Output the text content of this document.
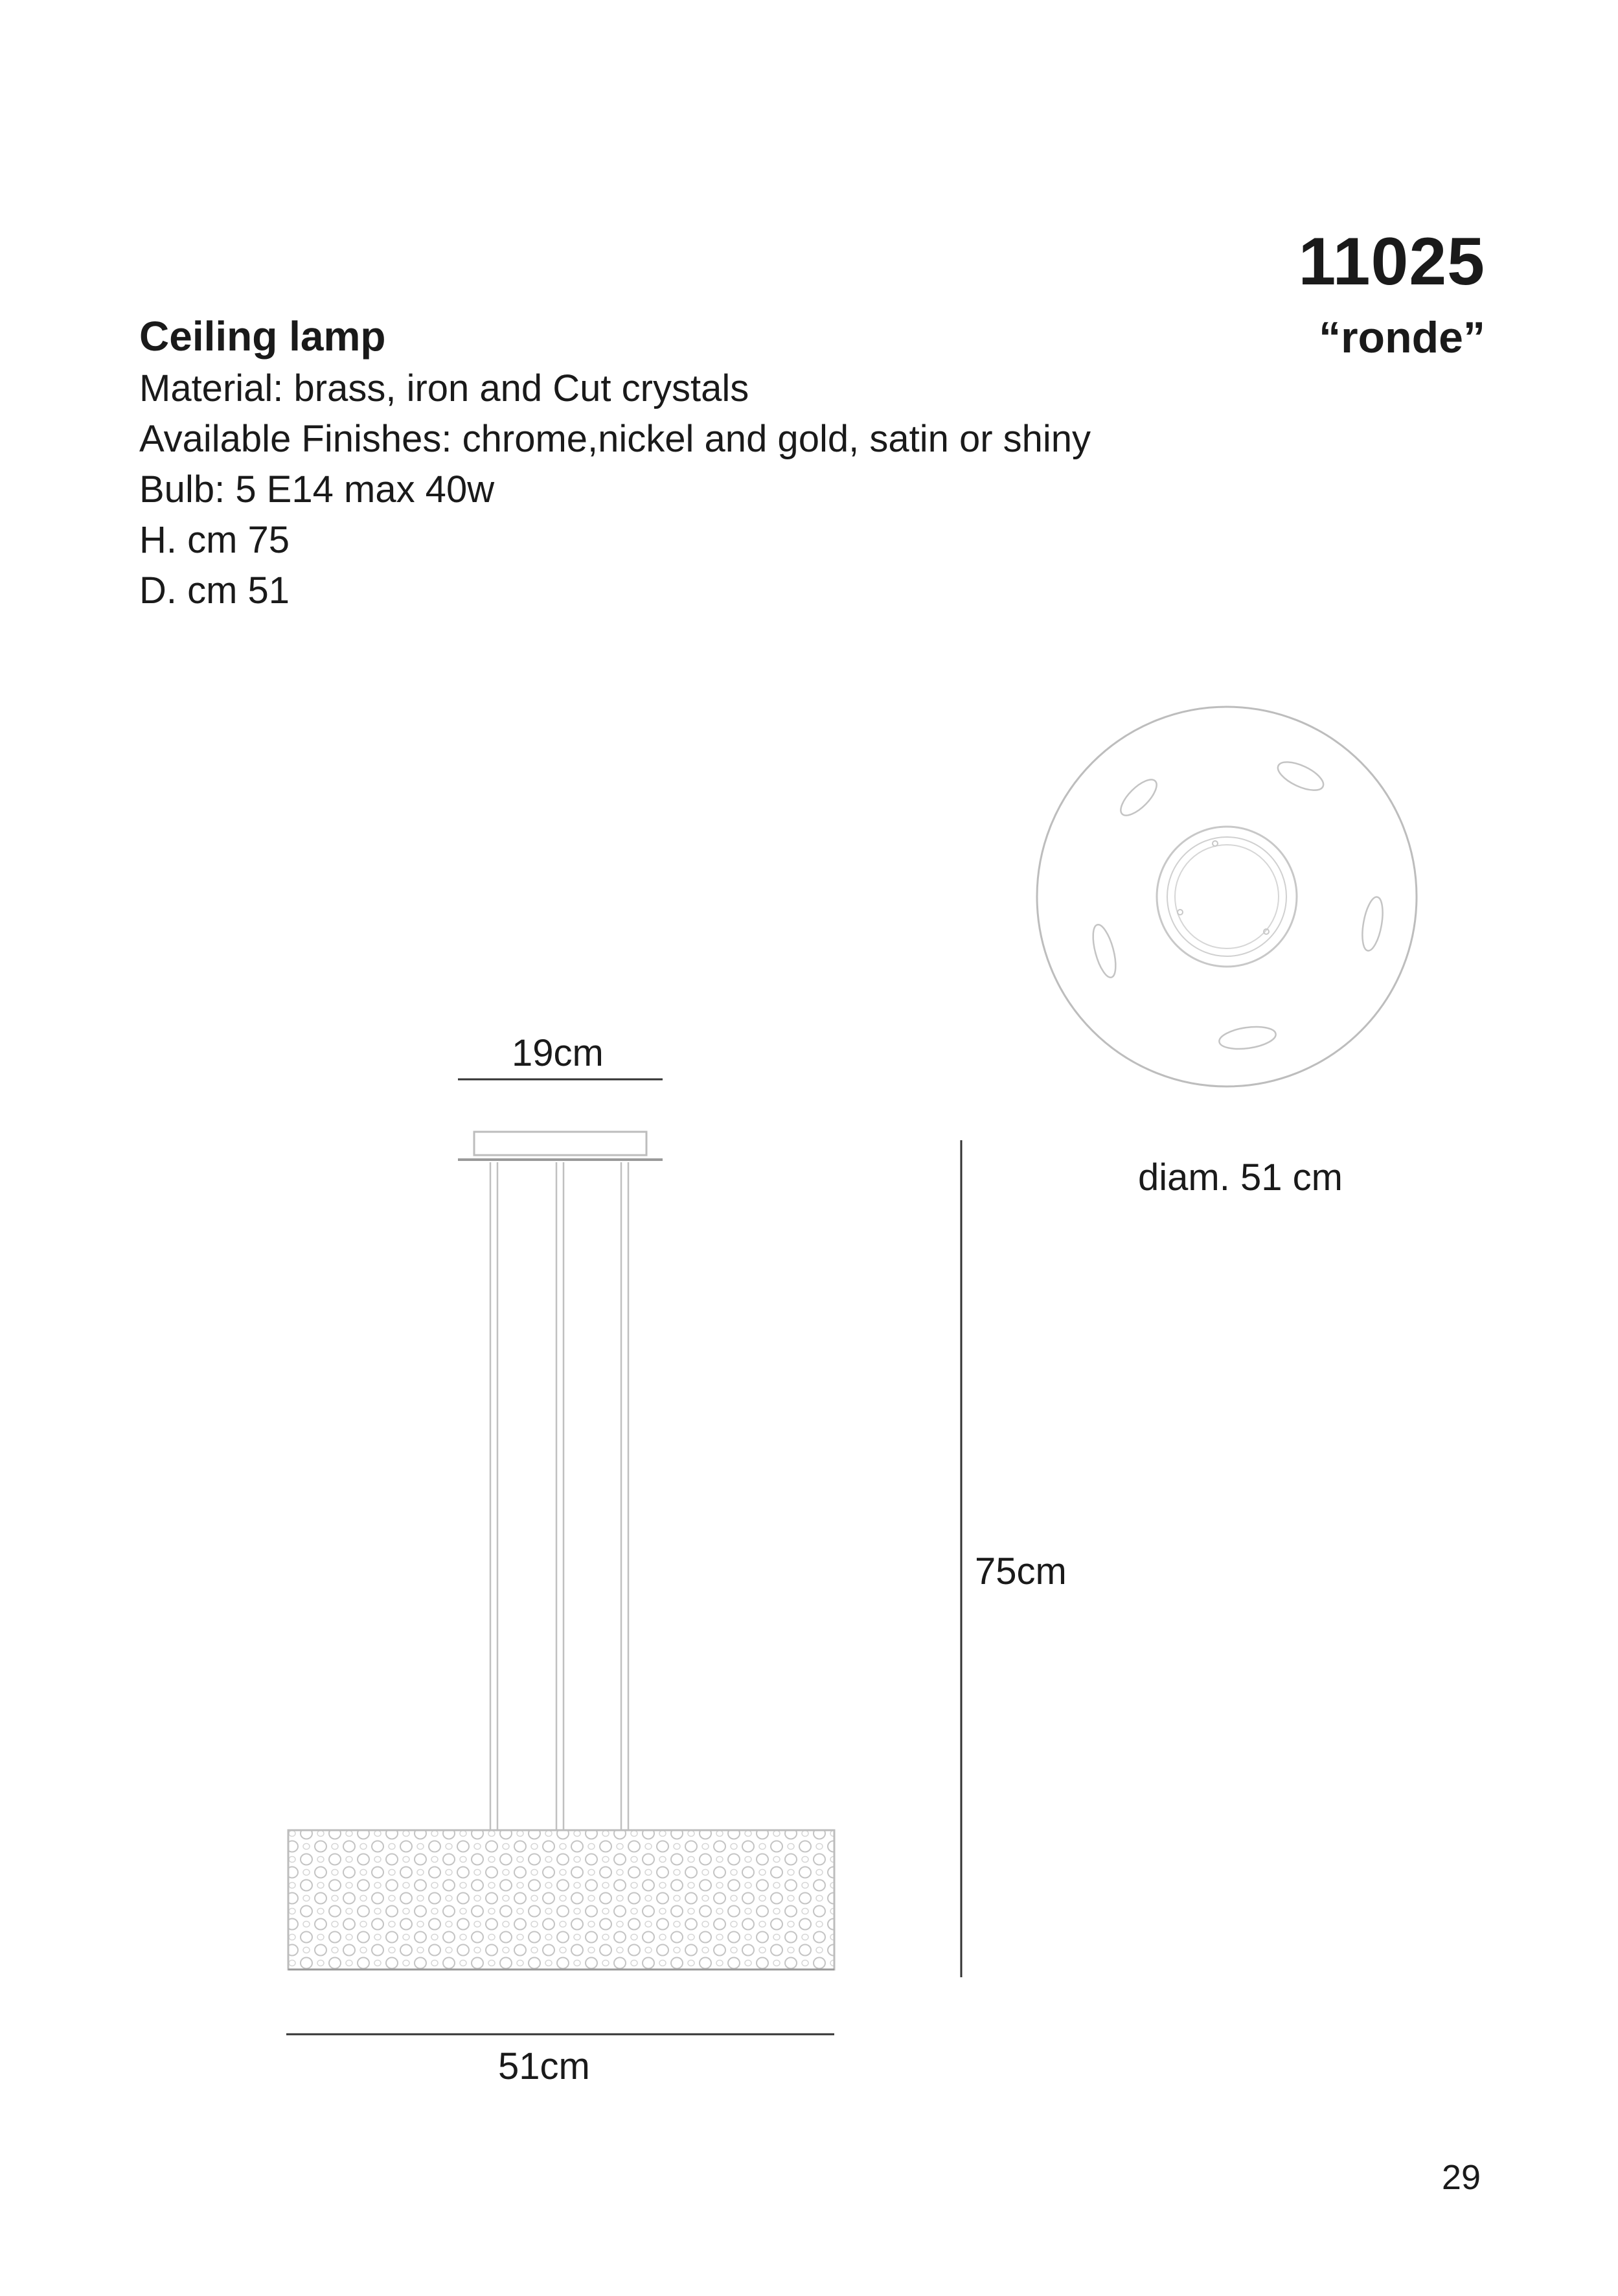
11025
“ronde”
Ceiling lamp
Material: brass, iron and Cut crystals
Available Finishes: chrome,nickel and gold, satin or shiny
Bulb: 5 E14 max 40w
H. cm 75
D. cm 51
19cm
diam. 51 cm
75cm
51cm
29
